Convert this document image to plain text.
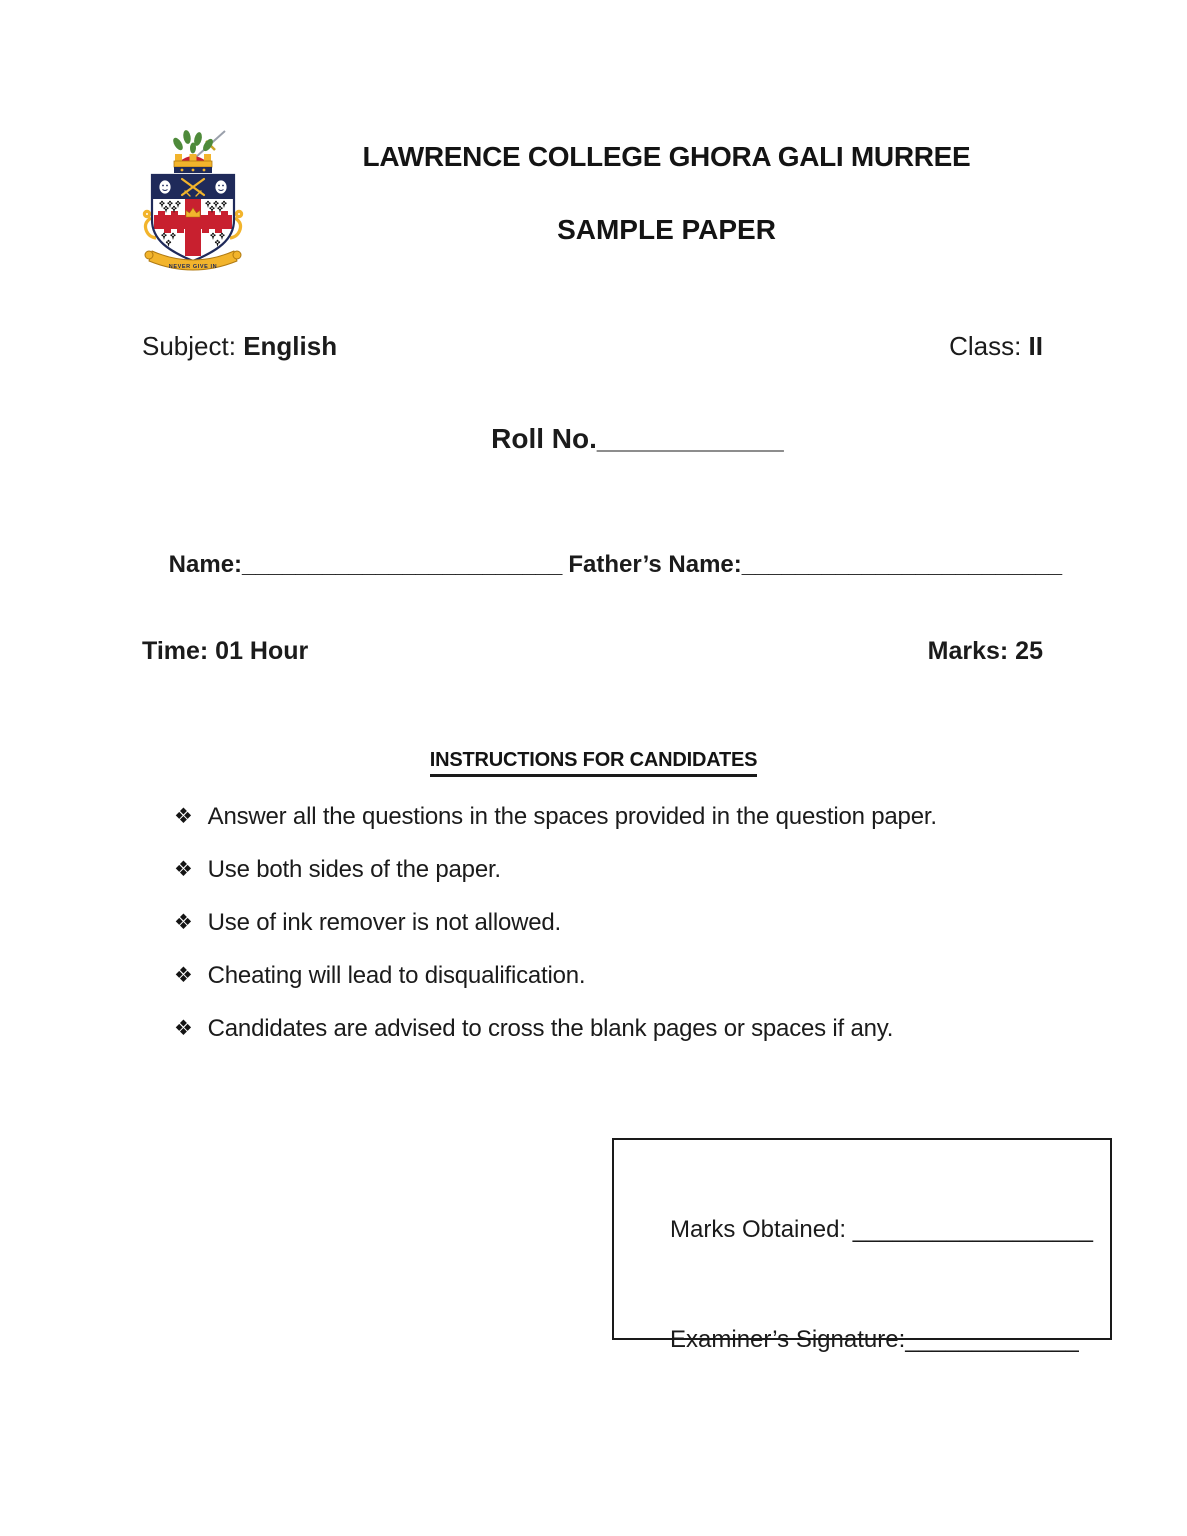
NEVER GIVE IN
LAWRENCE COLLEGE GHORA GALI MURREE
SAMPLE PAPER
Subject: English	Class: II

Roll No.____________

Name:________________________ Father’s Name:________________________

Time: 01 Hour	Marks: 25
INSTRUCTIONS FOR CANDIDATES
❖ Answer all the questions in the spaces provided in the question paper.
❖ Use both sides of the paper.
❖ Use of ink remover is not allowed.
❖ Cheating will lead to disqualification.
❖ Candidates are advised to cross the blank pages or spaces if any.

Marks Obtained: __________________

Examiner’s Signature:_____________
